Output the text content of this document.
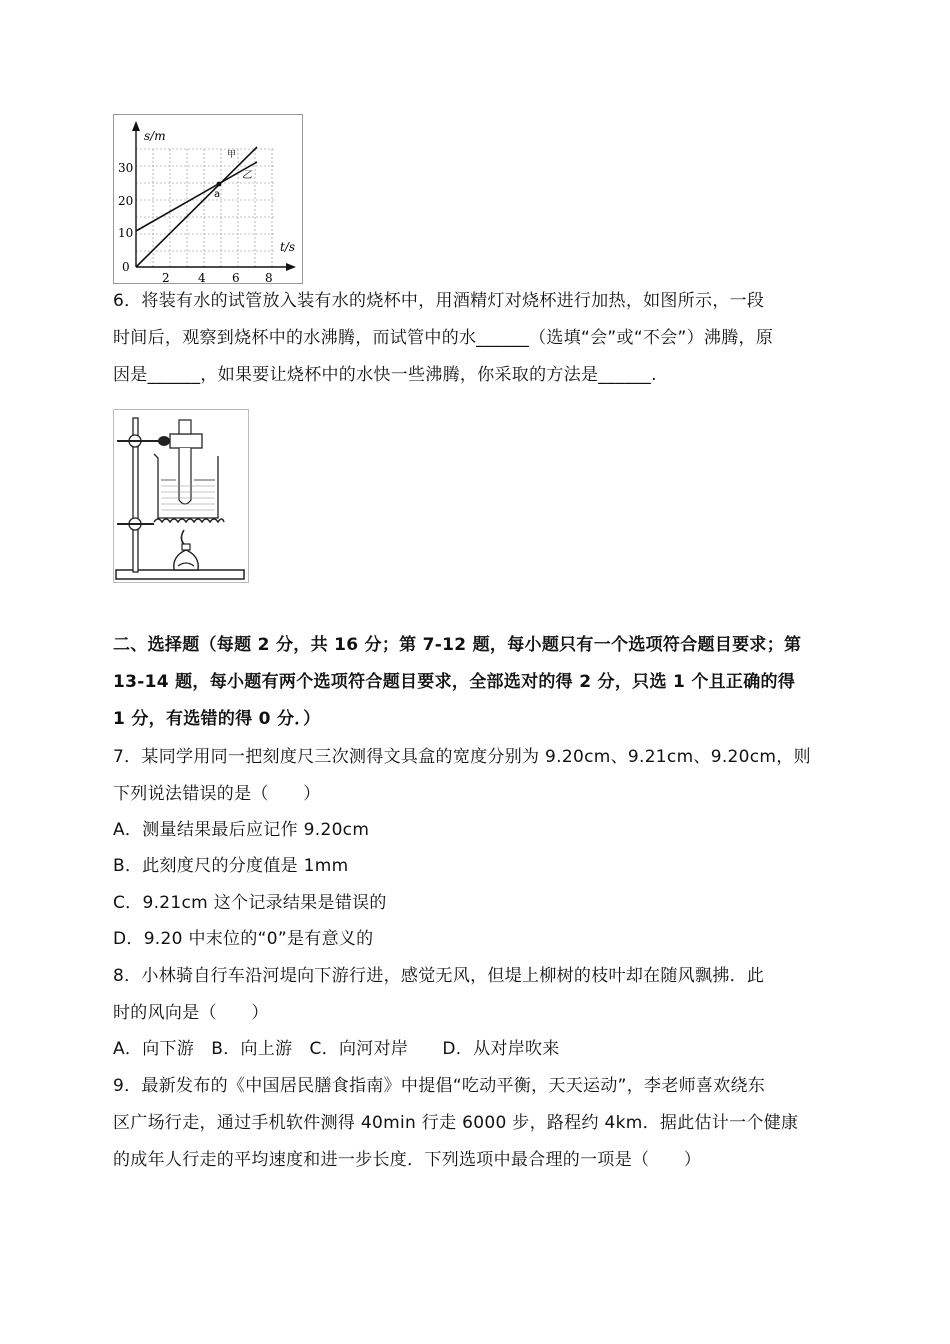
s/m
t/s
30
20
10
0
2 4 6 8
甲
乙
a
6．将装有水的试管放入装有水的烧杯中，用酒精灯对烧杯进行加热，如图所示，一段
时间后，观察到烧杯中的水沸腾，而试管中的水______（选填“会”或“不会”）沸腾，原
因是______，如果要让烧杯中的水快一些沸腾，你采取的方法是______.
二、选择题（每题 2 分，共 16 分；第 7-12 题，每小题只有一个选项符合题目要求；第
13-14 题，每小题有两个选项符合题目要求，全部选对的得 2 分，只选 1 个且正确的得
1 分，有选错的得 0 分．）
7．某同学用同一把刻度尺三次测得文具盒的宽度分别为 9.20cm、9.21cm、9.20cm，则
下列说法错误的是（　　）
A．测量结果最后应记作 9.20cm
B．此刻度尺的分度值是 1mm
C．9.21cm 这个记录结果是错误的
D．9.20 中末位的“0”是有意义的
8．小林骑自行车沿河堤向下游行进，感觉无风，但堤上柳树的枝叶却在随风飘拂．此
时的风向是（　　）
A．向下游   B．向上游   C．向河对岸      D．从对岸吹来
9．最新发布的《中国居民膳食指南》中提倡“吃动平衡，天天运动”，李老师喜欢绕东
区广场行走，通过手机软件测得 40min 行走 6000 步，路程约 4km．据此估计一个健康
的成年人行走的平均速度和进一步长度．下列选项中最合理的一项是（　　）
